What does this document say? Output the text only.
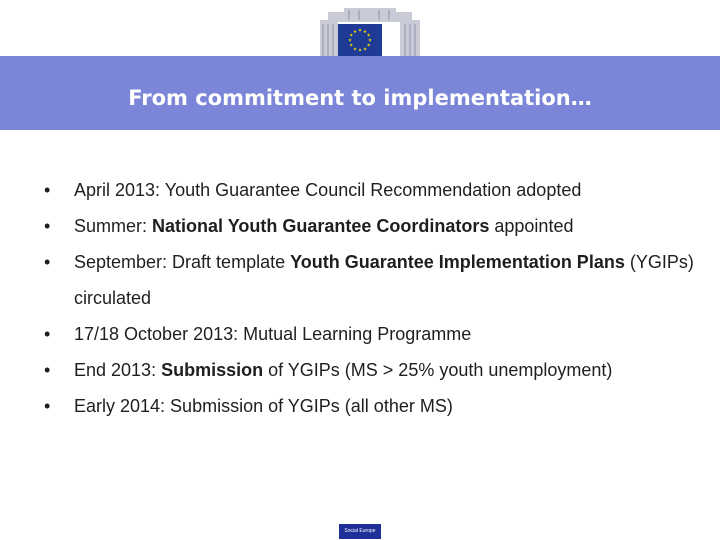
★ ★
★
★
★
★
★
★
★
★
★
★
From commitment to implementation…
• April 2013: Youth Guarantee Council Recommendation adopted
• Summer: National Youth Guarantee Coordinators appointed
• September: Draft template Youth Guarantee Implementation Plans (YGIPs) circulated
• 17/18 October 2013: Mutual Learning Programme
• End 2013: Submission of YGIPs (MS > 25% youth unemployment)
• Early 2014: Submission of YGIPs (all other MS)
Social Europe
